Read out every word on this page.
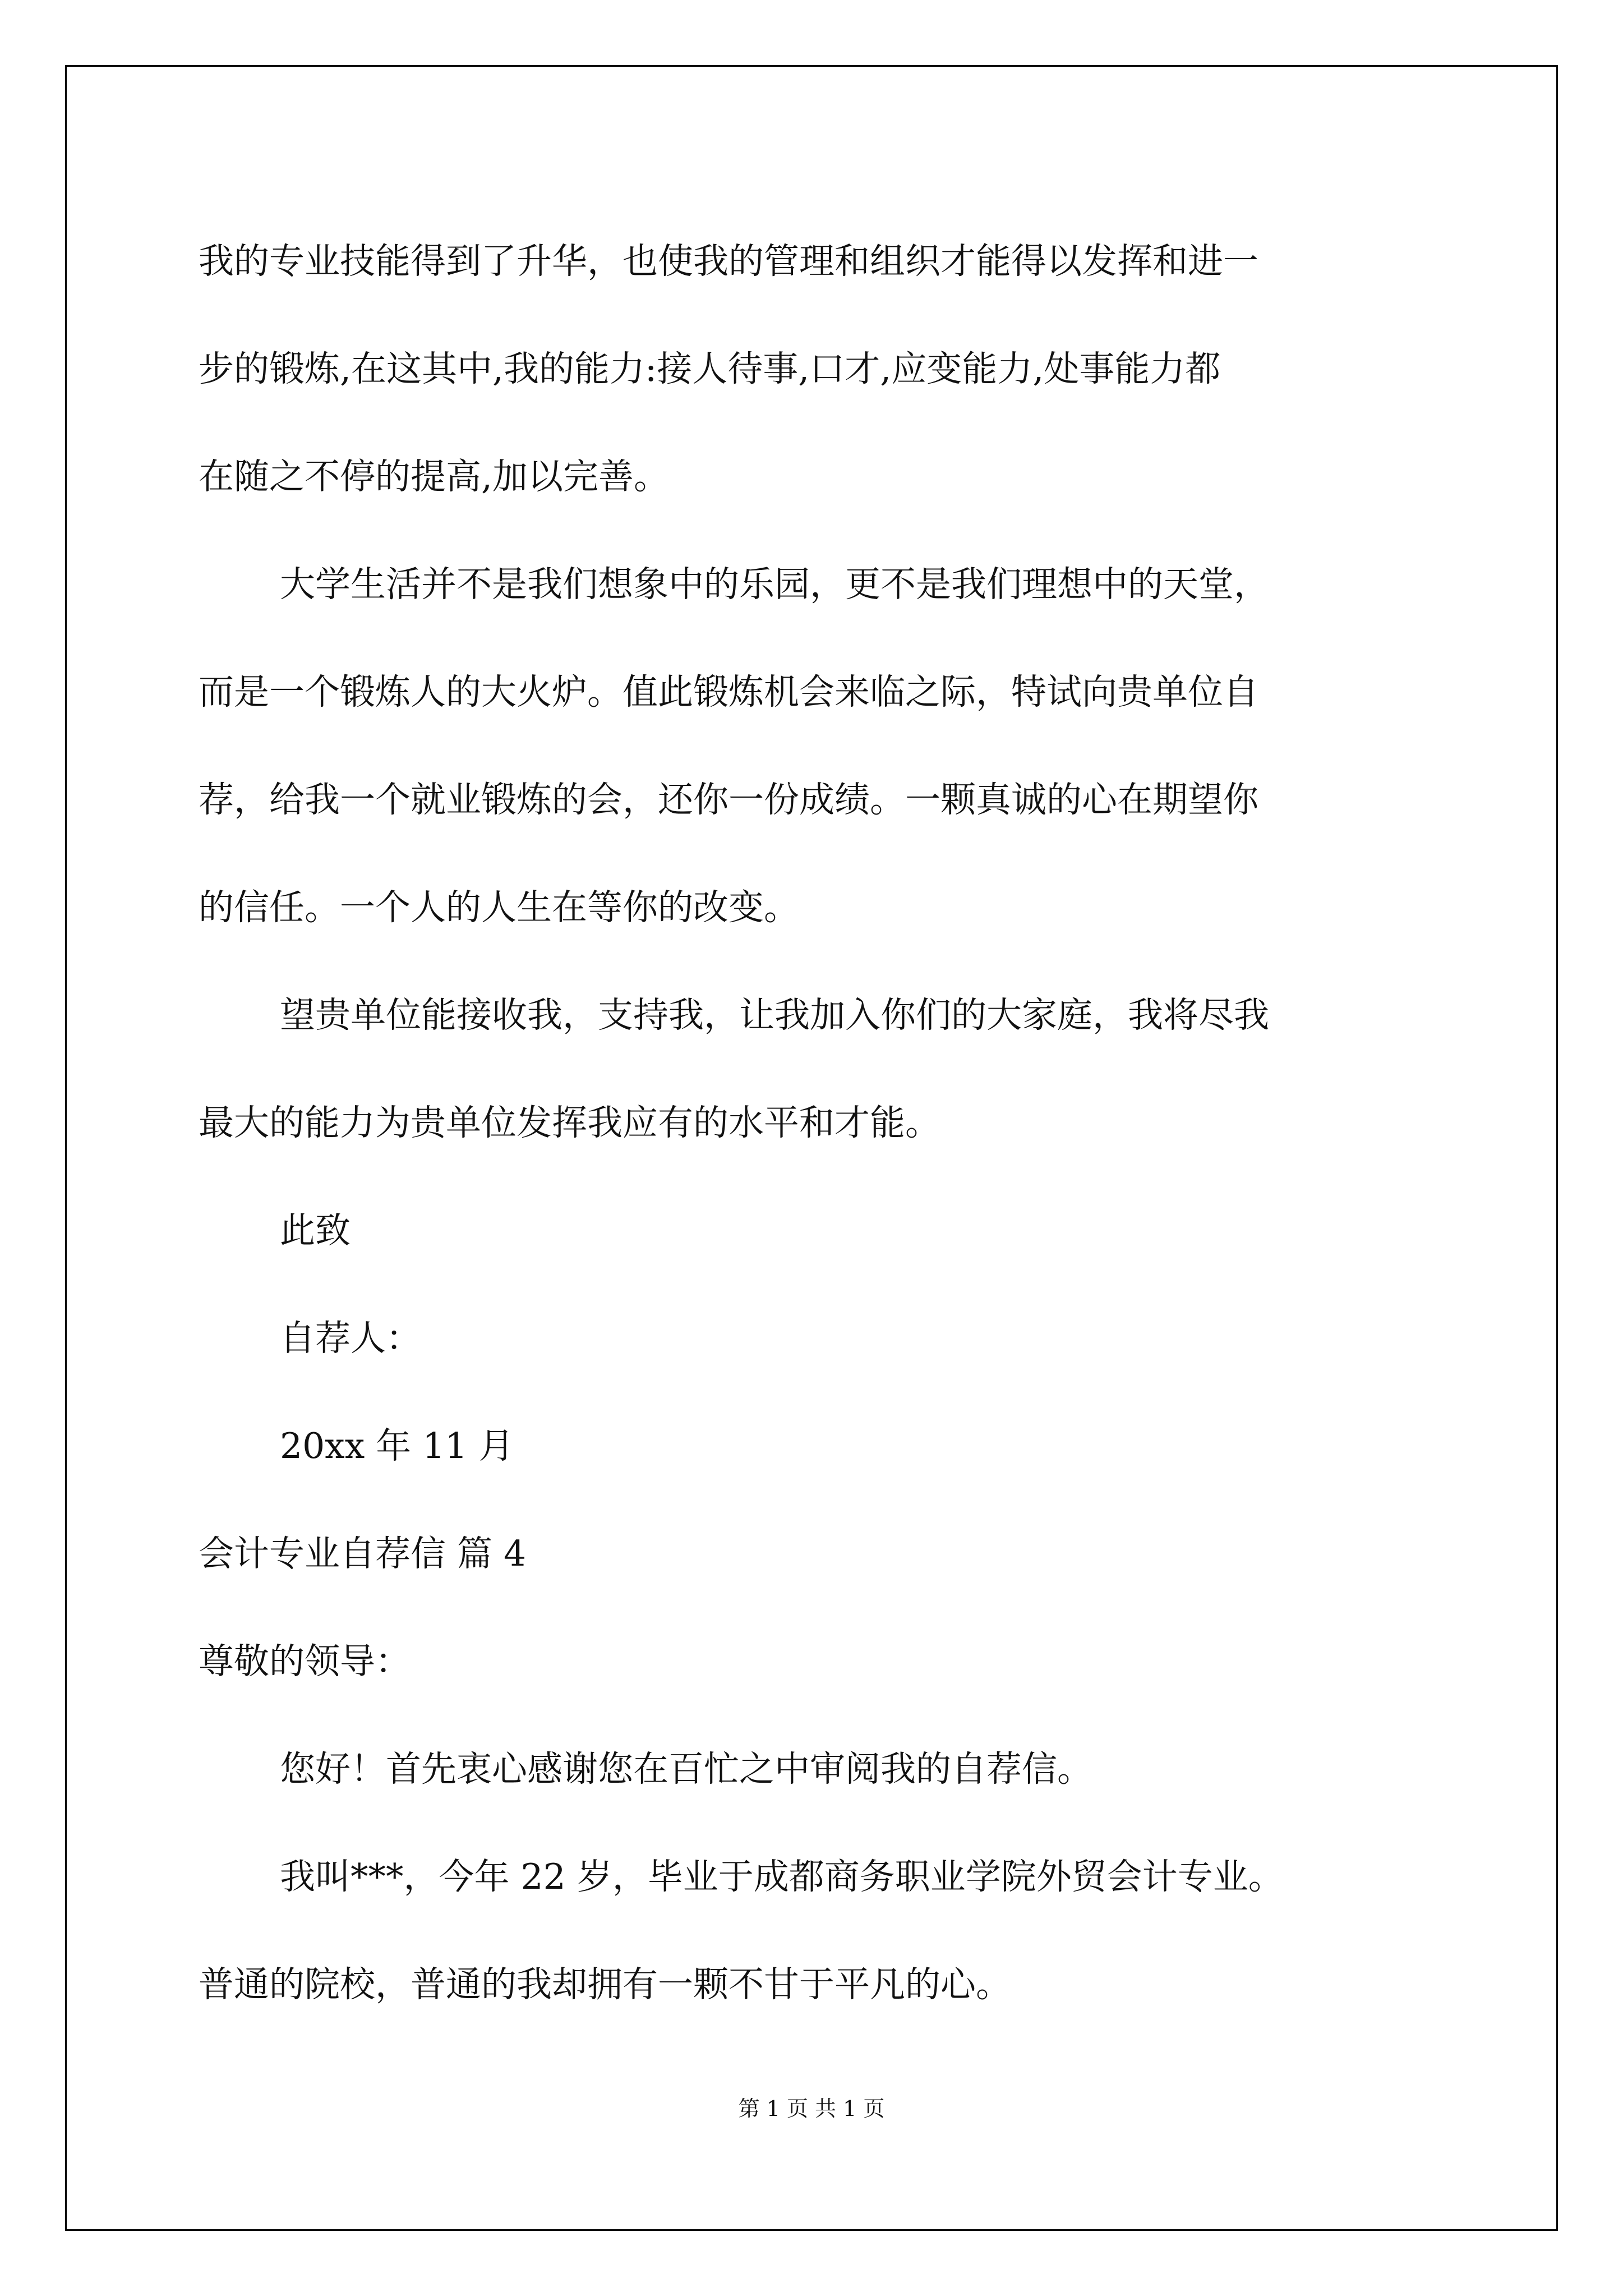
我的专业技能得到了升华，也使我的管理和组织才能得以发挥和进一

步的锻炼,在这其中,我的能力:接人待事,口才,应变能力,处事能力都

在随之不停的提高,加以完善。

大学生活并不是我们想象中的乐园，更不是我们理想中的天堂，

而是一个锻炼人的大火炉。值此锻炼机会来临之际，特试向贵单位自

荐，给我一个就业锻炼的会，还你一份成绩。一颗真诚的心在期望你

的信任。一个人的人生在等你的改变。

望贵单位能接收我，支持我，让我加入你们的大家庭，我将尽我

最大的能力为贵单位发挥我应有的水平和才能。

此致

自荐人：

20xx 年 11 月

会计专业自荐信 篇 4

尊敬的领导：

您好！首先衷心感谢您在百忙之中审阅我的自荐信。

我叫***，今年 22 岁，毕业于成都商务职业学院外贸会计专业。

普通的院校，普通的我却拥有一颗不甘于平凡的心。

第 1 页 共 1 页
